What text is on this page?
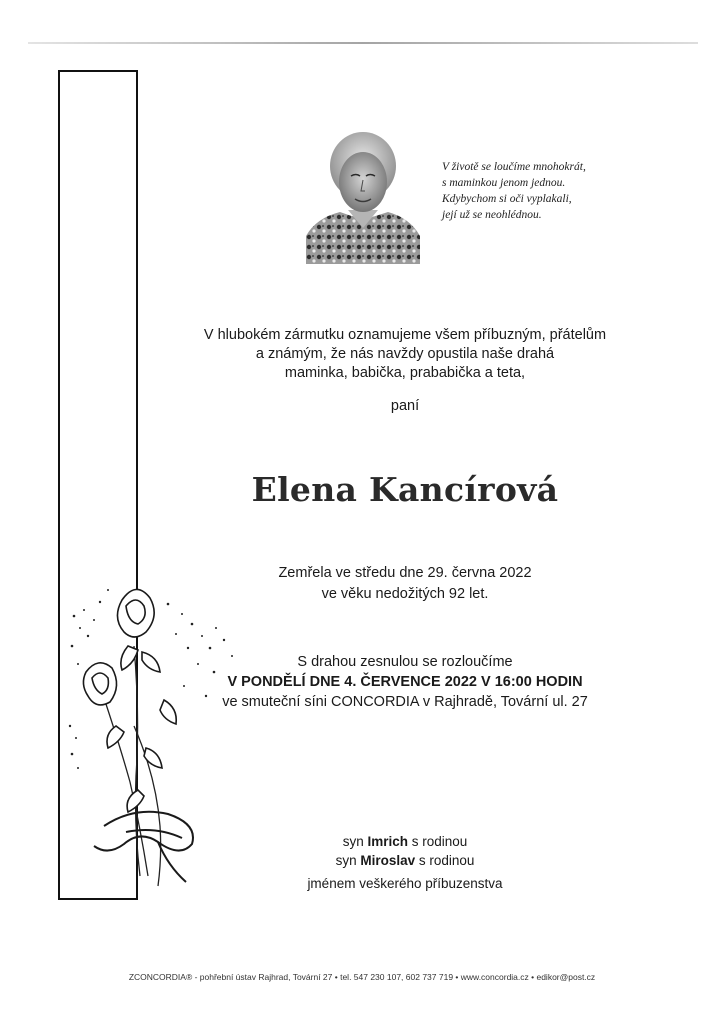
V životě se loučíme mnohokrát,
s maminkou jenom jednou.
Kdybychom si oči vyplakali,
její už se neohlédnou.
V hlubokém zármutku oznamujeme všem příbuzným, přátelům
a známým, že nás navždy opustila naše drahá
maminka, babička, prababička a teta,
paní
Elena Kancírová
Zemřela ve středu dne 29. června 2022
ve věku nedožitých 92 let.
S drahou zesnulou se rozloučíme
V PONDĚLÍ DNE 4. ČERVENCE 2022 V 16:00 HODIN
ve smuteční síni CONCORDIA v Rajhradě, Tovární ul. 27
syn Imrich s rodinou
syn Miroslav s rodinou
jménem veškerého příbuzenstva
ZCONCORDIA® - pohřební ústav Rajhrad, Tovární 27 • tel. 547 230 107, 602 737 719 • www.concordia.cz • edikor@post.cz
